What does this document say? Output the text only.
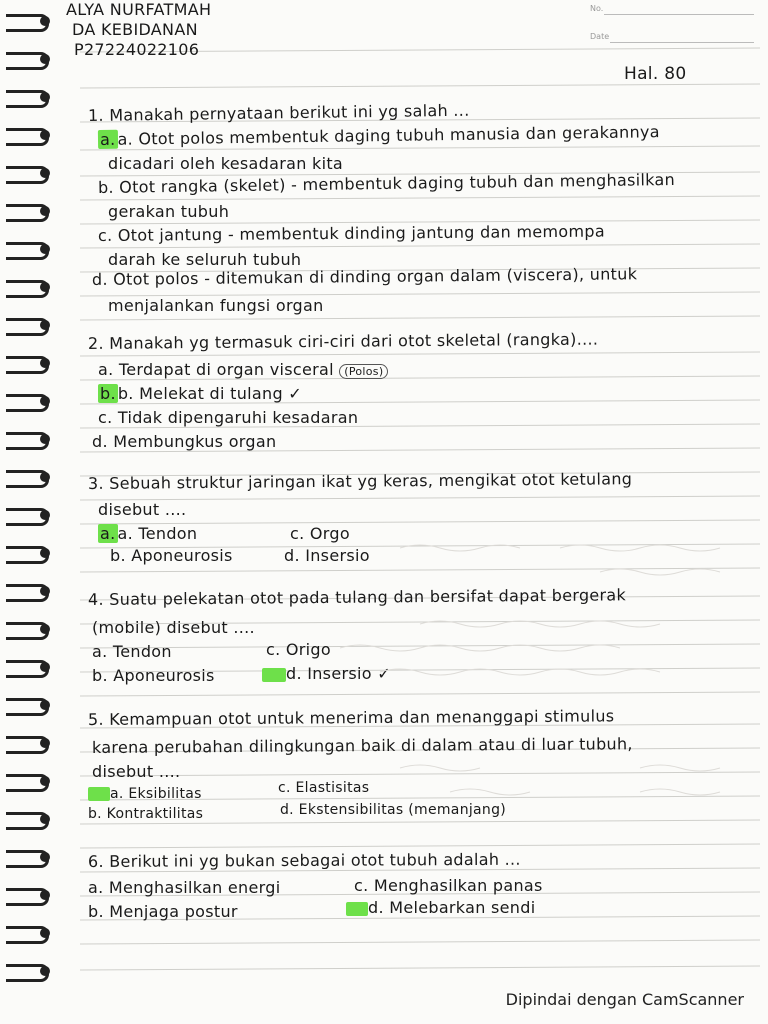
ALYA NURFATMAH
DA KEBIDANAN
P27224022106
No.
Date
Hal. 80
1. Manakah pernyataan berikut ini yg salah ...
a. a. Otot polos membentuk daging tubuh manusia dan gerakannya
dicadari oleh kesadaran kita
b. Otot rangka (skelet) - membentuk daging tubuh dan menghasilkan
gerakan tubuh
c. Otot jantung - membentuk dinding jantung dan memompa
darah ke seluruh tubuh
d. Otot polos - ditemukan di dinding organ dalam (viscera), untuk
menjalankan fungsi organ
2. Manakah yg termasuk ciri-ciri dari otot skeletal (rangka)....
a. Terdapat di organ visceral (Polos)
b. b. Melekat di tulang ✓
c. Tidak dipengaruhi kesadaran
d. Membungkus organ
3. Sebuah struktur jaringan ikat yg keras, mengikat otot ketulang
disebut ....
a. a. Tendon	c. Orgo
b. Aponeurosis	d. Insersio
4. Suatu pelekatan otot pada tulang dan bersifat dapat bergerak
(mobile) disebut ....
a. Tendon	c. Origo
b. Aponeurosis	d. Insersio ✓
5. Kemampuan otot untuk menerima dan menanggapi stimulus
karena perubahan dilingkungan baik di dalam atau di luar tubuh,
disebut ....
a. Eksibilitas	c. Elastisitas
b. Kontraktilitas	d. Ekstensibilitas (memanjang)
6. Berikut ini yg bukan sebagai otot tubuh adalah ...
a. Menghasilkan energi	c. Menghasilkan panas
b. Menjaga postur	d. Melebarkan sendi
Dipindai dengan CamScanner
